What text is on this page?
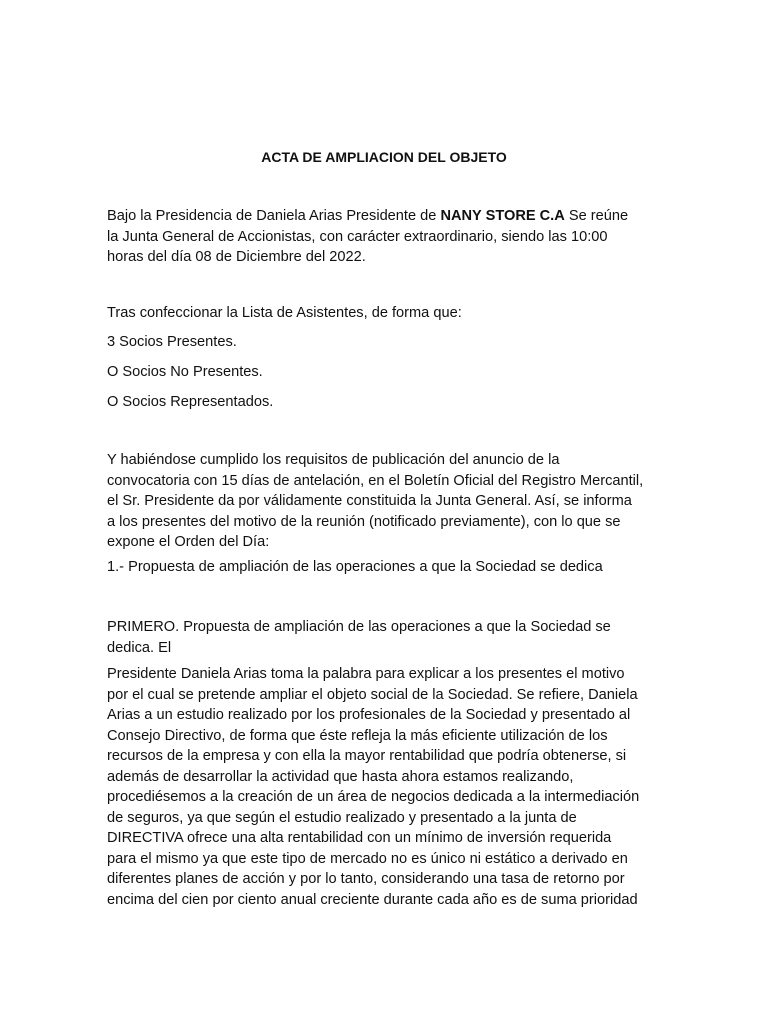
ACTA DE AMPLIACION DEL OBJETO
Bajo la Presidencia de Daniela Arias Presidente de NANY STORE C.A Se reúne
la Junta General de Accionistas, con carácter extraordinario, siendo las 10:00
horas del día 08 de Diciembre del 2022.
Tras confeccionar la Lista de Asistentes, de forma que:
3 Socios Presentes.
O Socios No Presentes.
O Socios Representados.
Y habiéndose cumplido los requisitos de publicación del anuncio de la
convocatoria con 15 días de antelación, en el Boletín Oficial del Registro Mercantil,
el Sr. Presidente da por válidamente constituida la Junta General. Así, se informa
a los presentes del motivo de la reunión (notificado previamente), con lo que se
expone el Orden del Día:
1.- Propuesta de ampliación de las operaciones a que la Sociedad se dedica
PRIMERO. Propuesta de ampliación de las operaciones a que la Sociedad se
dedica. El
Presidente Daniela Arias toma la palabra para explicar a los presentes el motivo
por el cual se pretende ampliar el objeto social de la Sociedad. Se refiere, Daniela
Arias a un estudio realizado por los profesionales de la Sociedad y presentado al
Consejo Directivo, de forma que éste refleja la más eficiente utilización de los
recursos de la empresa y con ella la mayor rentabilidad que podría obtenerse, si
además de desarrollar la actividad que hasta ahora estamos realizando,
procediésemos a la creación de un área de negocios dedicada a la intermediación
de seguros, ya que según el estudio realizado y presentado a la junta de
DIRECTIVA ofrece una alta rentabilidad con un mínimo de inversión requerida
para el mismo ya que este tipo de mercado no es único ni estático a derivado en
diferentes planes de acción y por lo tanto, considerando una tasa de retorno por
encima del cien por ciento anual creciente durante cada año es de suma prioridad
